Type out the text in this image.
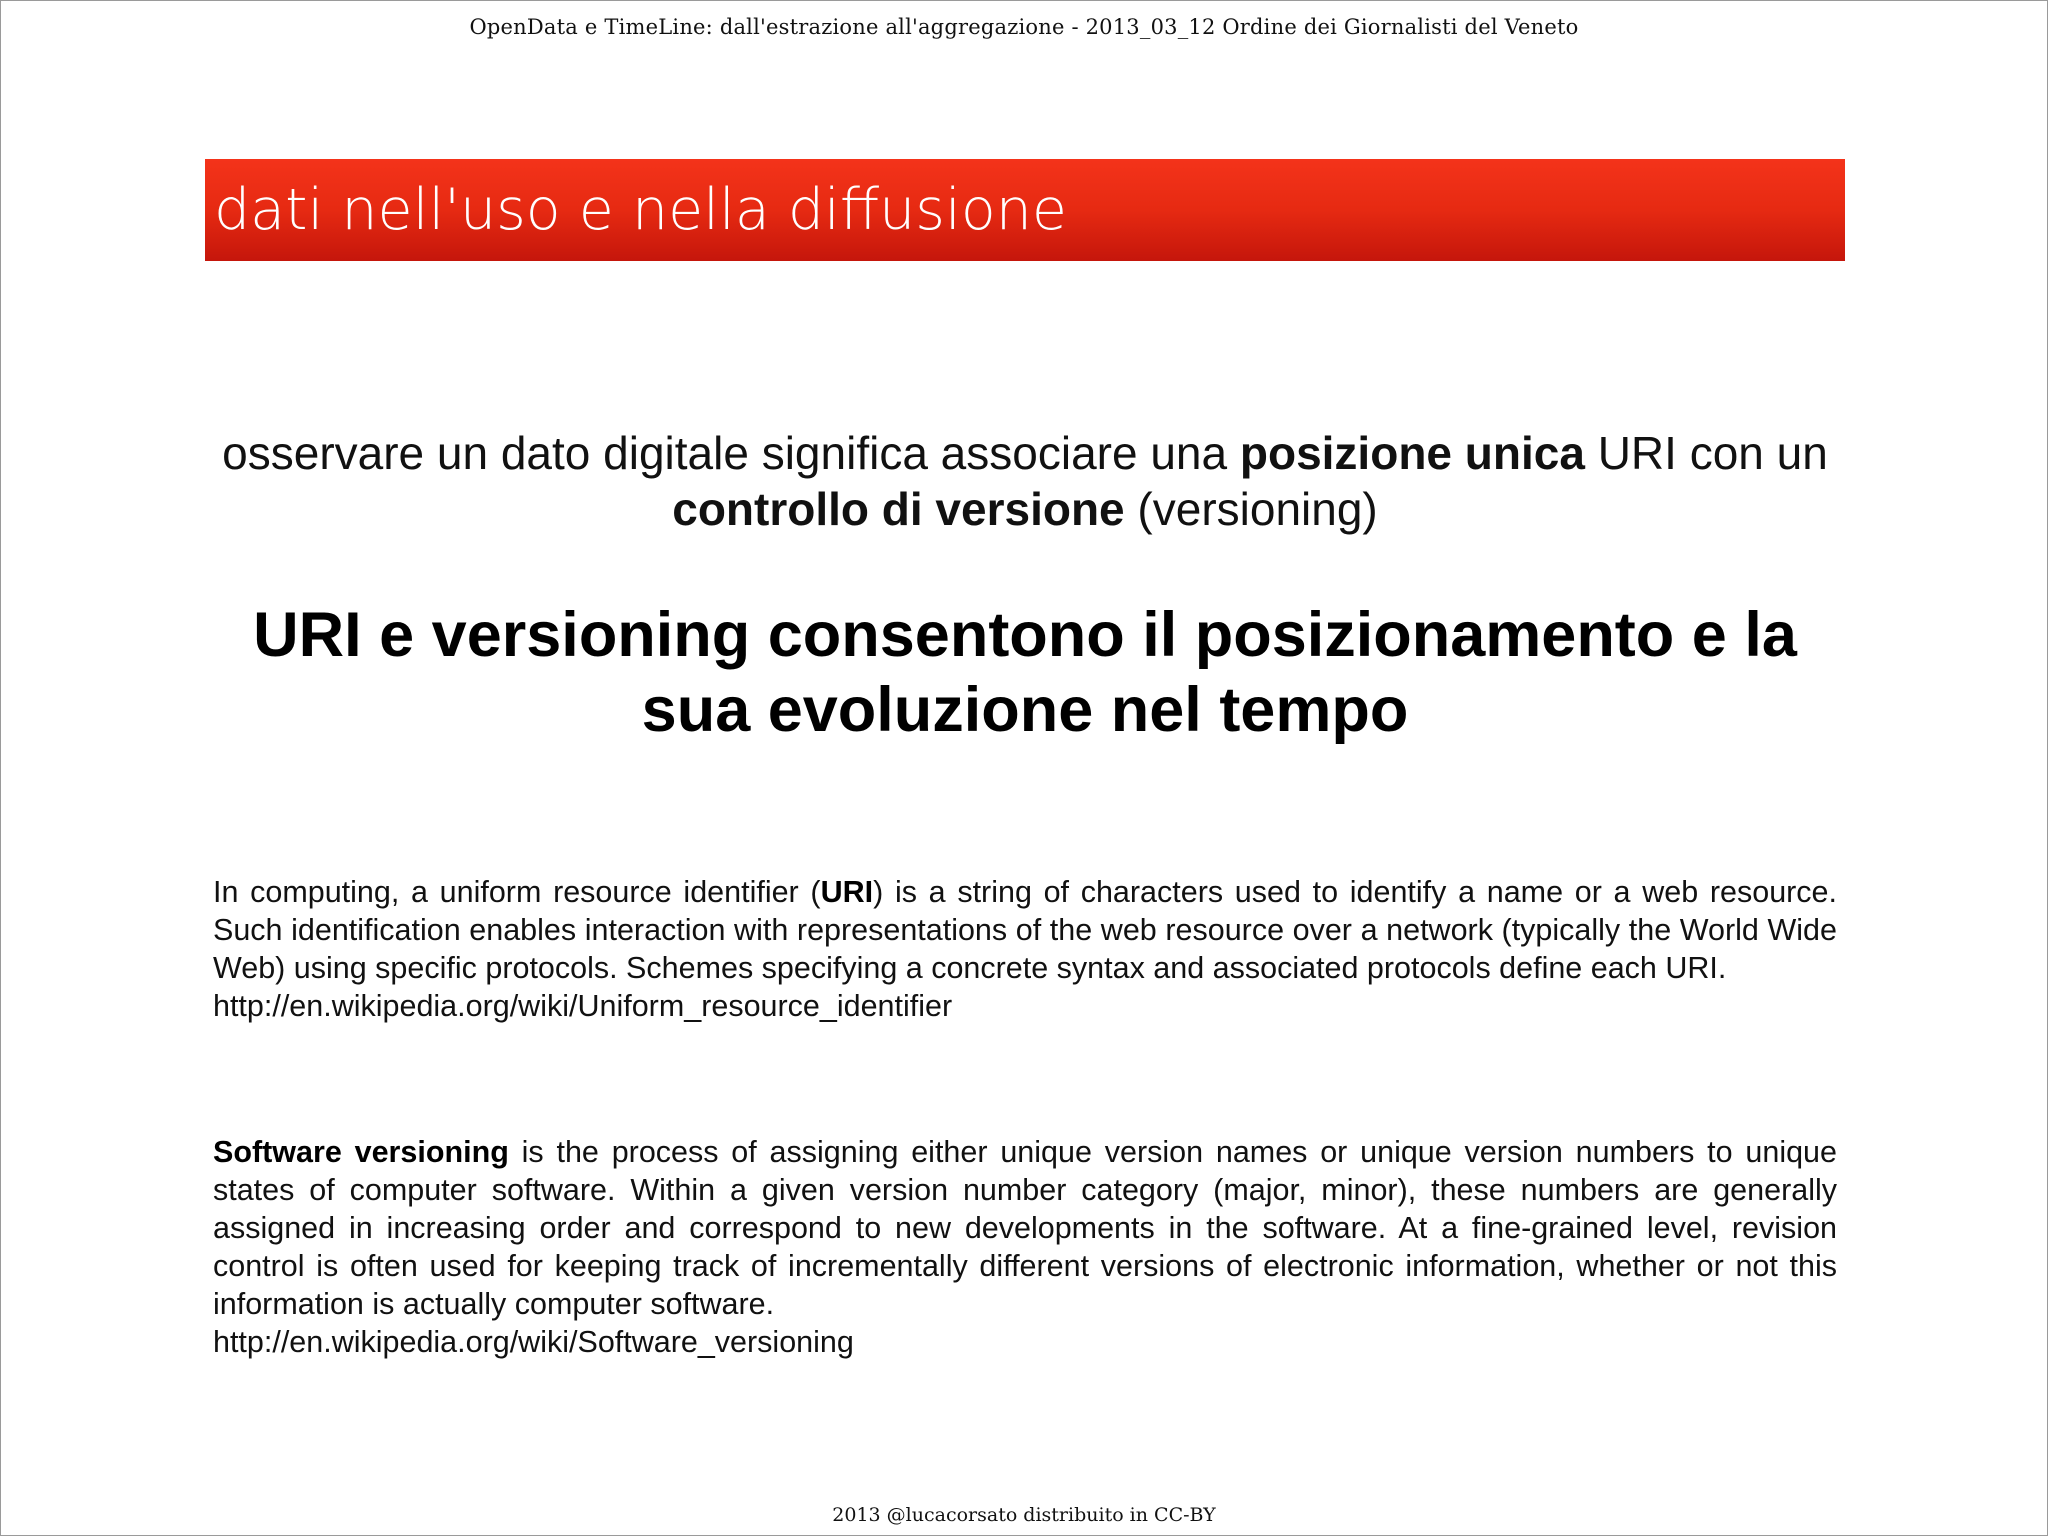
OpenData e TimeLine: dall'estrazione all'aggregazione - 2013_03_12 Ordine dei Giornalisti del Veneto
dati nell'uso e nella diffusione
osservare un dato digitale significa associare una posizione unica URI con un controllo di versione (versioning)
URI e versioning consentono il posizionamento e la sua evoluzione nel tempo
In computing, a uniform resource identifier (URI) is a string of characters used to identify a name or a web resource. Such identification enables interaction with representations of the web resource over a network (typically the World Wide Web) using specific protocols. Schemes specifying a concrete syntax and associated protocols define each URI.
http://en.wikipedia.org/wiki/Uniform_resource_identifier
Software versioning is the process of assigning either unique version names or unique version numbers to unique states of computer software. Within a given version number category (major, minor), these numbers are generally assigned in increasing order and correspond to new developments in the software. At a fine-grained level, revision control is often used for keeping track of incrementally different versions of electronic information, whether or not this information is actually computer software.
http://en.wikipedia.org/wiki/Software_versioning
2013 @lucacorsato distribuito in CC-BY
